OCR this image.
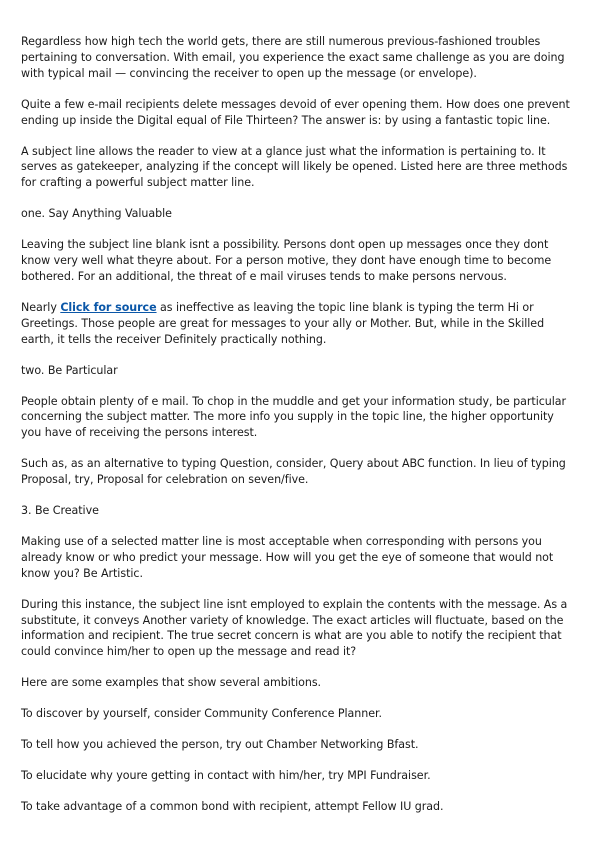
Regardless how high tech the world gets, there are still numerous previous-fashioned troubles pertaining to conversation. With email, you experience the exact same challenge as you are doing with typical mail — convincing the receiver to open up the message (or envelope).

Quite a few e-mail recipients delete messages devoid of ever opening them. How does one prevent ending up inside the Digital equal of File Thirteen? The answer is: by using a fantastic topic line.

A subject line allows the reader to view at a glance just what the information is pertaining to. It serves as gatekeeper, analyzing if the concept will likely be opened. Listed here are three methods for crafting a powerful subject matter line.

one. Say Anything Valuable

Leaving the subject line blank isnt a possibility. Persons dont open up messages once they dont know very well what theyre about. For a person motive, they dont have enough time to become bothered. For an additional, the threat of e mail viruses tends to make persons nervous.

Nearly Click for source as ineffective as leaving the topic line blank is typing the term Hi or Greetings. Those people are great for messages to your ally or Mother. But, while in the Skilled earth, it tells the receiver Definitely practically nothing.

two. Be Particular

People obtain plenty of e mail. To chop in the muddle and get your information study, be particular concerning the subject matter. The more info you supply in the topic line, the higher opportunity you have of receiving the persons interest.

Such as, as an alternative to typing Question, consider, Query about ABC function. In lieu of typing Proposal, try, Proposal for celebration on seven/five.

3. Be Creative

Making use of a selected matter line is most acceptable when corresponding with persons you already know or who predict your message. How will you get the eye of someone that would not know you? Be Artistic.

During this instance, the subject line isnt employed to explain the contents with the message. As a substitute, it conveys Another variety of knowledge. The exact articles will fluctuate, based on the information and recipient. The true secret concern is what are you able to notify the recipient that could convince him/her to open up the message and read it?

Here are some examples that show several ambitions.

To discover by yourself, consider Community Conference Planner.

To tell how you achieved the person, try out Chamber Networking Bfast.

To elucidate why youre getting in contact with him/her, try MPI Fundraiser.

To take advantage of a common bond with recipient, attempt Fellow IU grad.
